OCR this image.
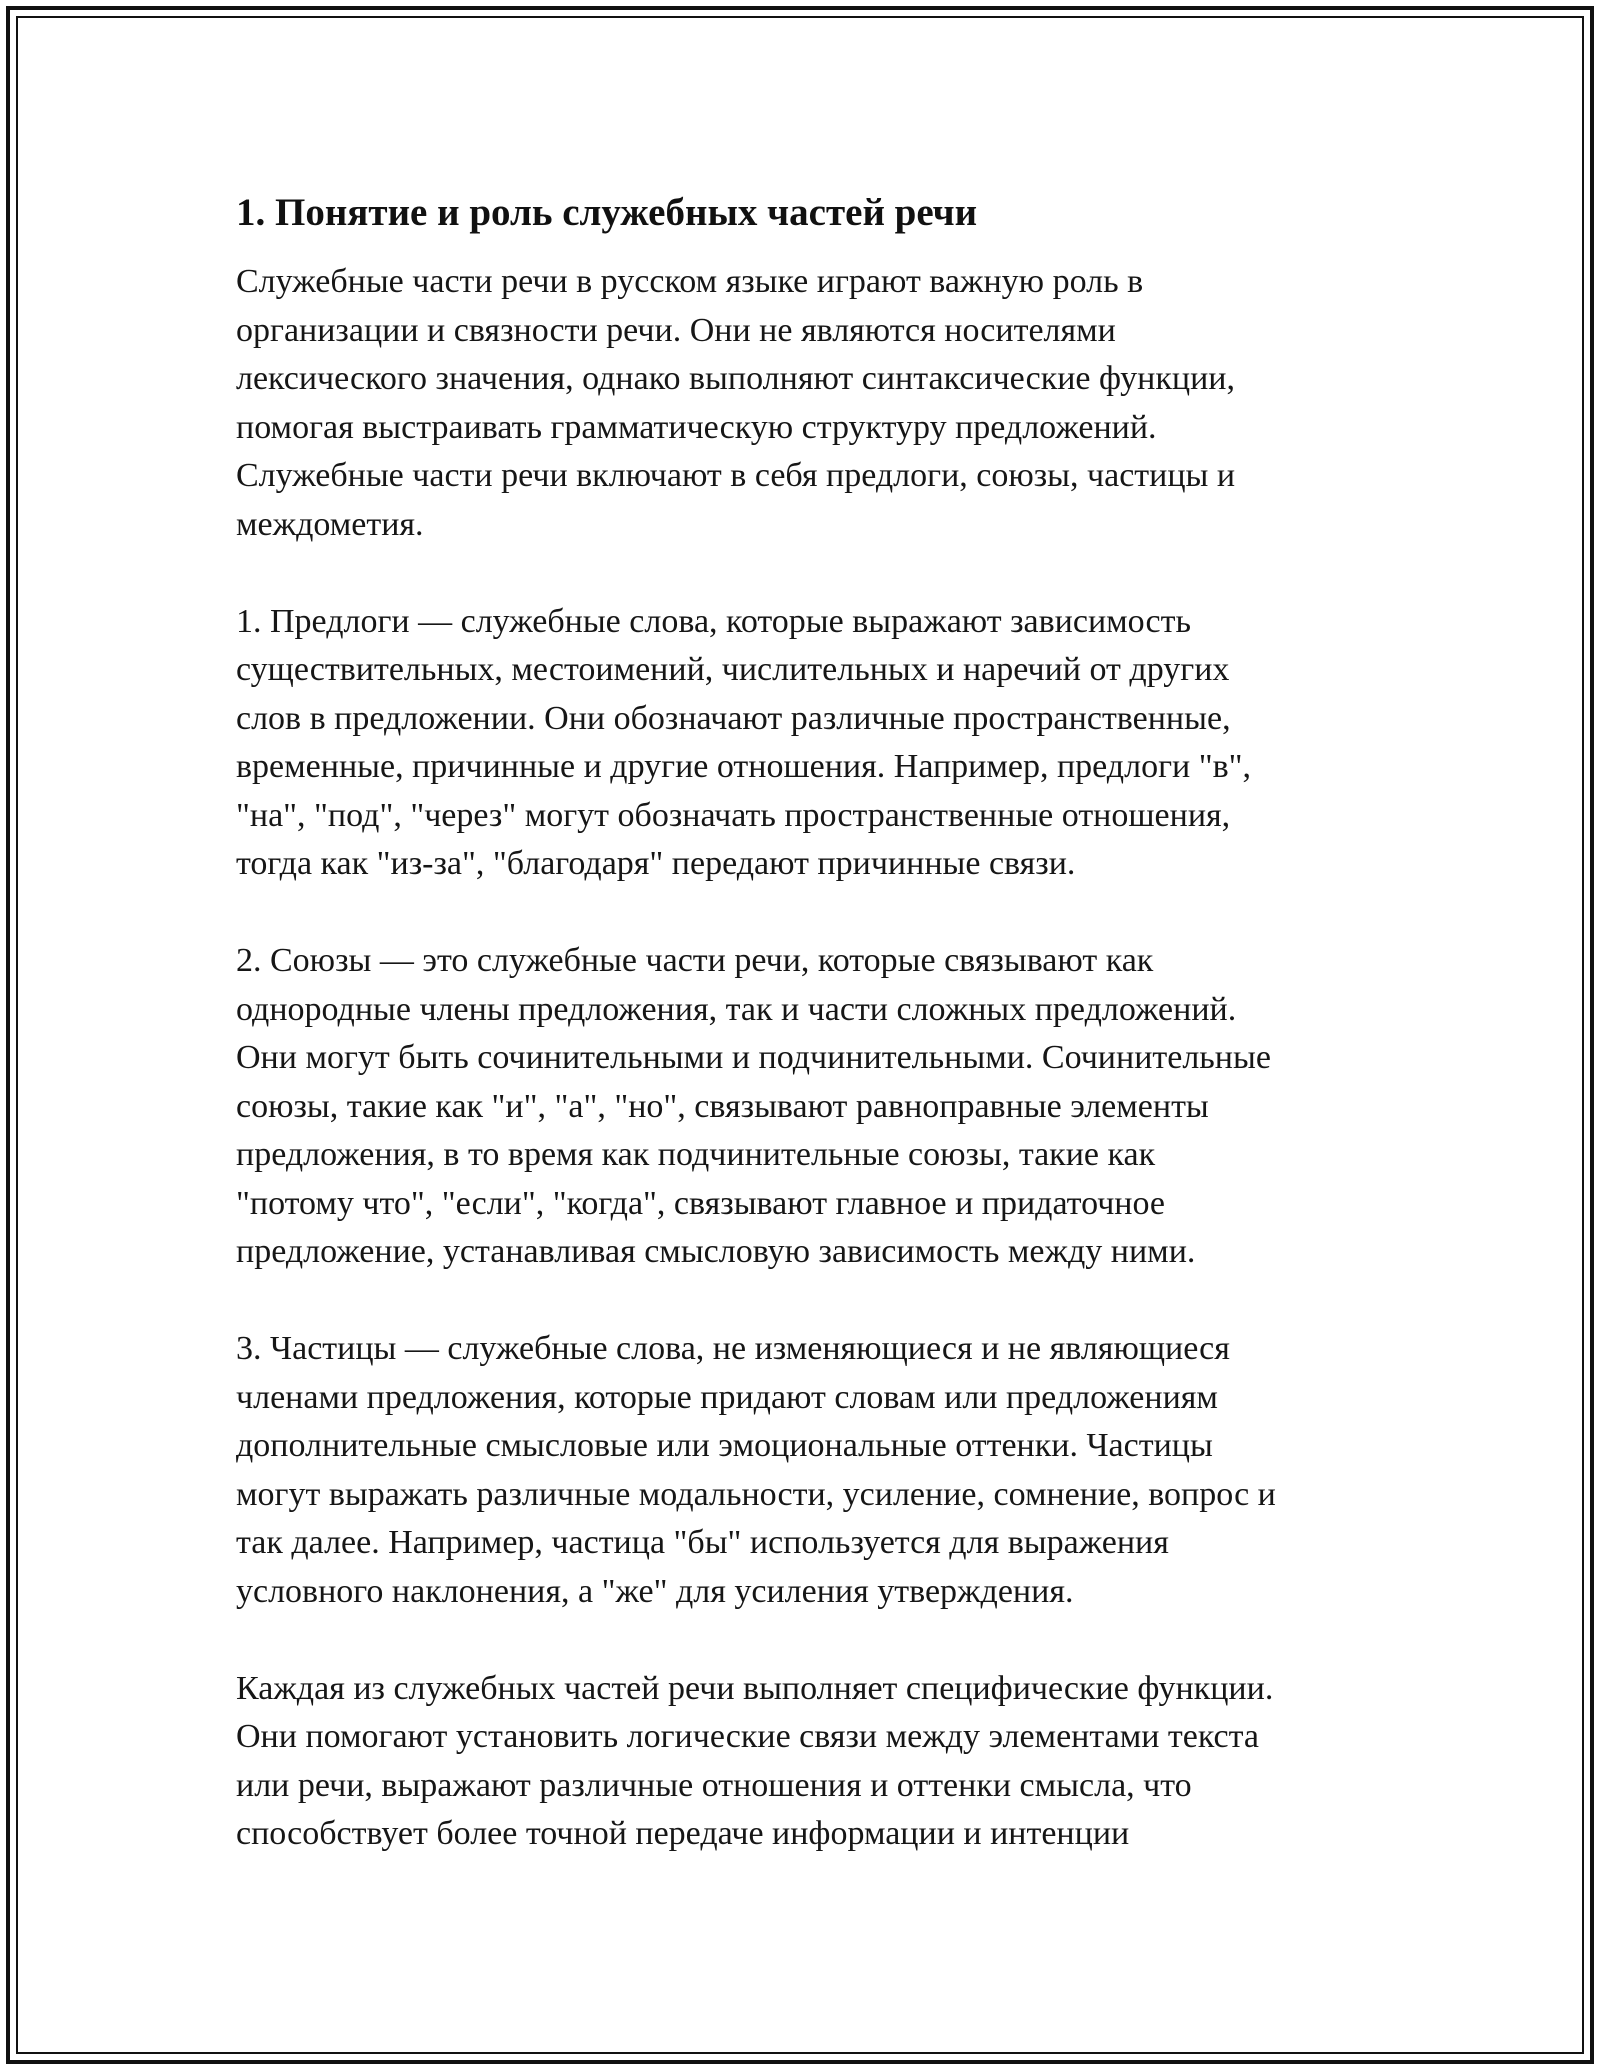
1. Понятие и роль служебных частей речи
Служебные части речи в русском языке играют важную роль в
организации и связности речи. Они не являются носителями
лексического значения, однако выполняют синтаксические функции,
помогая выстраивать грамматическую структуру предложений.
Служебные части речи включают в себя предлоги, союзы, частицы и
междометия.
1. Предлоги — служебные слова, которые выражают зависимость
существительных, местоимений, числительных и наречий от других
слов в предложении. Они обозначают различные пространственные,
временные, причинные и другие отношения. Например, предлоги "в",
"на", "под", "через" могут обозначать пространственные отношения,
тогда как "из-за", "благодаря" передают причинные связи.
2. Союзы — это служебные части речи, которые связывают как
однородные члены предложения, так и части сложных предложений.
Они могут быть сочинительными и подчинительными. Сочинительные
союзы, такие как "и", "а", "но", связывают равноправные элементы
предложения, в то время как подчинительные союзы, такие как
"потому что", "если", "когда", связывают главное и придаточное
предложение, устанавливая смысловую зависимость между ними.
3. Частицы — служебные слова, не изменяющиеся и не являющиеся
членами предложения, которые придают словам или предложениям
дополнительные смысловые или эмоциональные оттенки. Частицы
могут выражать различные модальности, усиление, сомнение, вопрос и
так далее. Например, частица "бы" используется для выражения
условного наклонения, а "же" для усиления утверждения.
Каждая из служебных частей речи выполняет специфические функции.
Они помогают установить логические связи между элементами текста
или речи, выражают различные отношения и оттенки смысла, что
способствует более точной передаче информации и интенции
